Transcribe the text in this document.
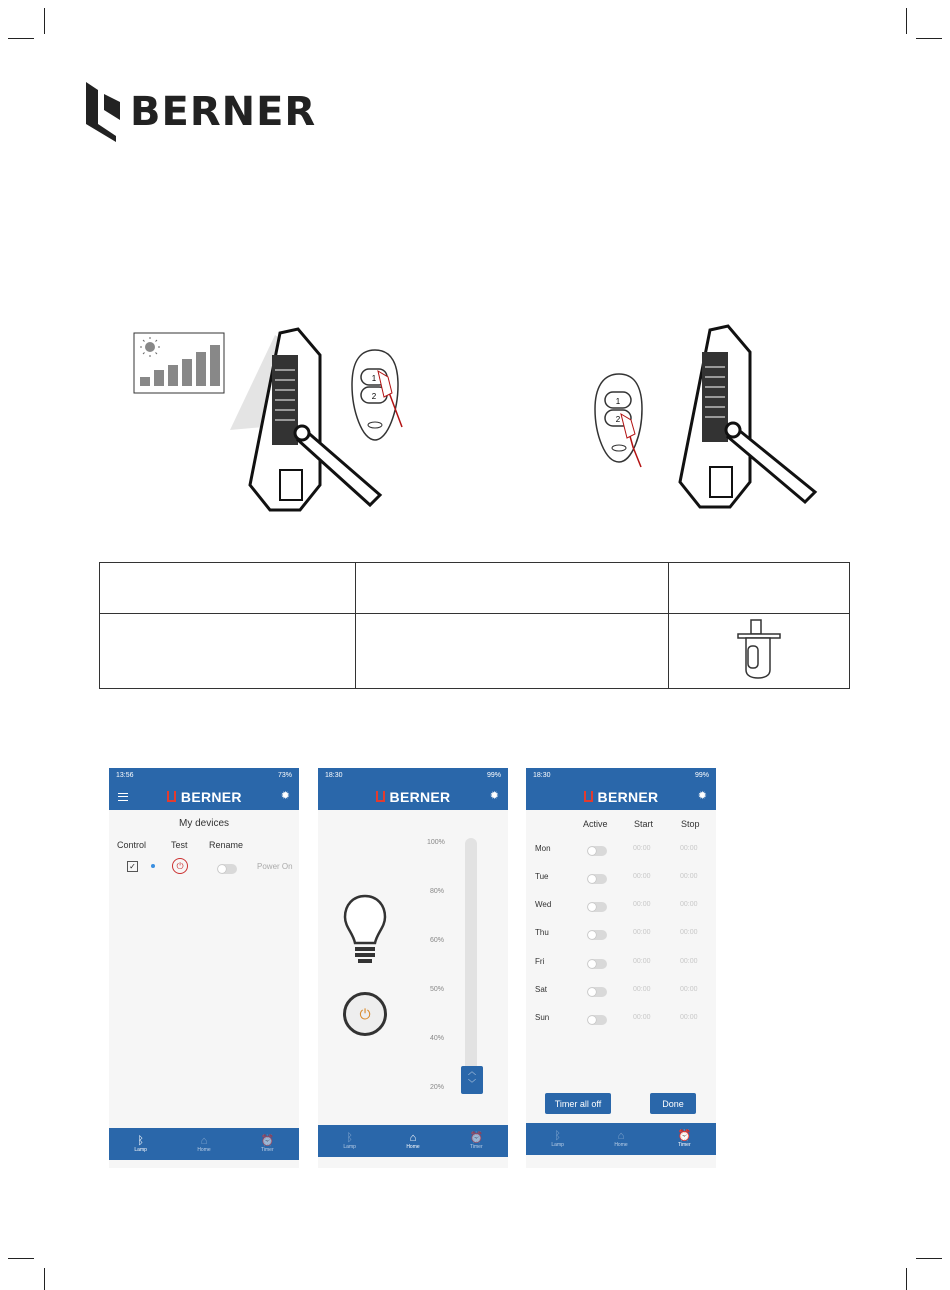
BERNER
1
2
1
2

13:56	73%
BERNER	✹
My devices
Control	Test Rename
✓	⏻	Power On
ᛒ
Lamp
⌂
Home
⏰
Timer
18:30	99%
BERNER	✹
⏻
100%
80%
60%
50%
40%
20%
︿
﹀
ᛒ
Lamp
⌂
Home
⏰
Timer
18:30	99%
BERNER	✹
Active	Start	Stop
Mon	00:00	00:00
Tue	00:00	00:00
Wed	00:00	00:00
Thu	00:00	00:00
Fri	00:00	00:00
Sat	00:00	00:00
Sun	00:00	00:00
Timer all off	Done
ᛒ
Lamp
⌂
Home
⏰
Timer
